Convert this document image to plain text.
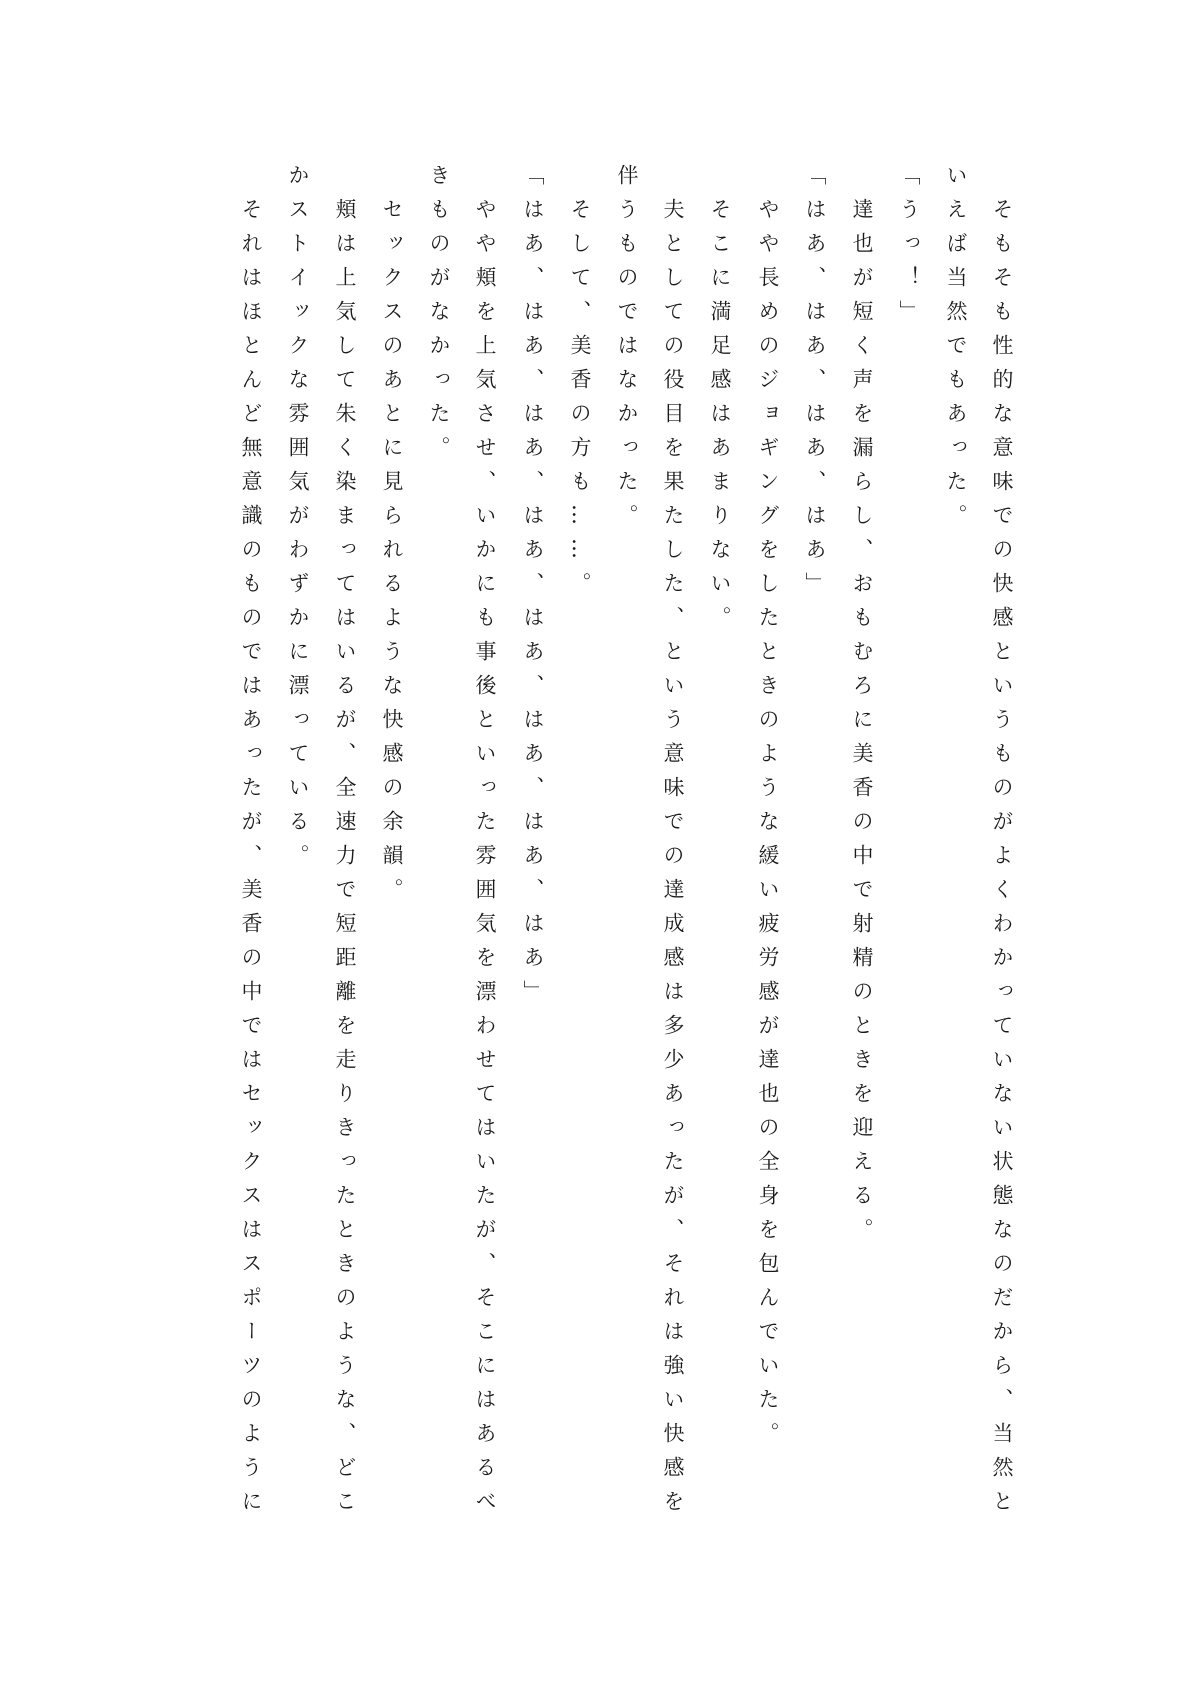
そもそも性的な意味での快感というものがよくわかっていない状態なのだから、当然と
いえば当然でもあった。
「うっ！」
達也が短く声を漏らし、おもむろに美香の中で射精のときを迎える。
「はあ、はあ、はあ、はあ」
やや長めのジョギングをしたときのような緩い疲労感が達也の全身を包んでいた。
そこに満足感はあまりない。
夫としての役目を果たした、という意味での達成感は多少あったが、それは強い快感を
伴うものではなかった。
そして、美香の方も……。
「はあ、はあ、はあ、はあ、はあ、はあ、はあ、はあ」
やや頬を上気させ、いかにも事後といった雰囲気を漂わせてはいたが、そこにはあるべ
きものがなかった。
セックスのあとに見られるような快感の余韻。
頬は上気して朱く染まってはいるが、全速力で短距離を走りきったときのような、どこ
かストイックな雰囲気がわずかに漂っている。
それはほとんど無意識のものではあったが、美香の中ではセックスはスポーツのように
